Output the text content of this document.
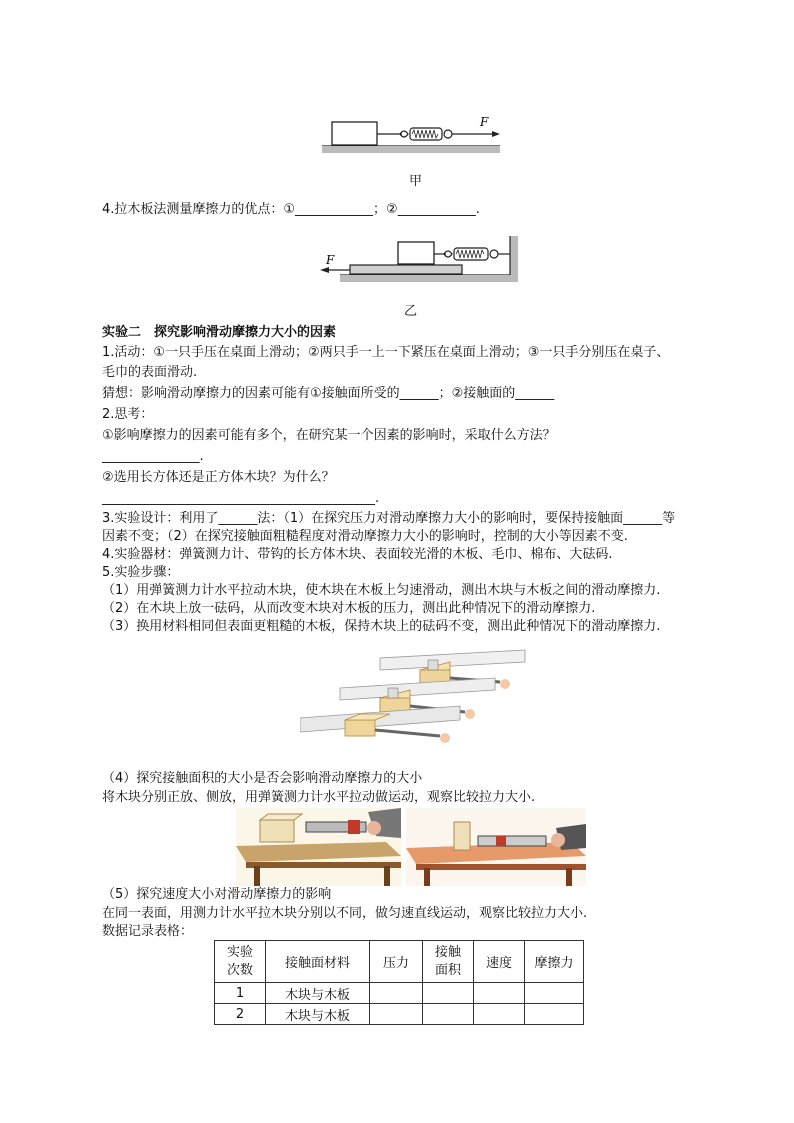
F
甲
4.拉木板法测量摩擦力的优点：①____________；②____________.
F
乙
实验二　探究影响滑动摩擦力大小的因素
1.活动：①一只手压在桌面上滑动；②两只手一上一下紧压在桌面上滑动；③一只手分别压在桌子、
毛巾的表面滑动.
猜想：影响滑动摩擦力的因素可能有①接触面所受的______；②接触面的______
2.思考：
①影响摩擦力的因素可能有多个，在研究某一个因素的影响时，采取什么方法？
_______________.
②选用长方体还是正方体木块？为什么？
__________________________________________.
3.实验设计：利用了______法：（1）在探究压力对滑动摩擦力大小的影响时，要保持接触面______等
因素不变；（2）在探究接触面粗糙程度对滑动摩擦力大小的影响时，控制的大小等因素不变.
4.实验器材：弹簧测力计、带钩的长方体木块、表面较光滑的木板、毛巾、棉布、大砝码.
5.实验步骤：
（1）用弹簧测力计水平拉动木块，使木块在木板上匀速滑动，测出木块与木板之间的滑动摩擦力.
（2）在木块上放一砝码，从而改变木块对木板的压力，测出此种情况下的滑动摩擦力.
（3）换用材料相同但表面更粗糙的木板，保持木块上的砝码不变，测出此种情况下的滑动摩擦力.
（4）探究接触面积的大小是否会影响滑动摩擦力的大小
将木块分别正放、侧放，用弹簧测力计水平拉动做运动，观察比较拉力大小.
（5）探究速度大小对滑动摩擦力的影响
在同一表面，用测力计水平拉木块分别以不同，做匀速直线运动，观察比较拉力大小.
数据记录表格：
实验次数	接触面材料	压力	接触面积	速度	摩擦力
1	木块与木板				
2	木块与木板				
